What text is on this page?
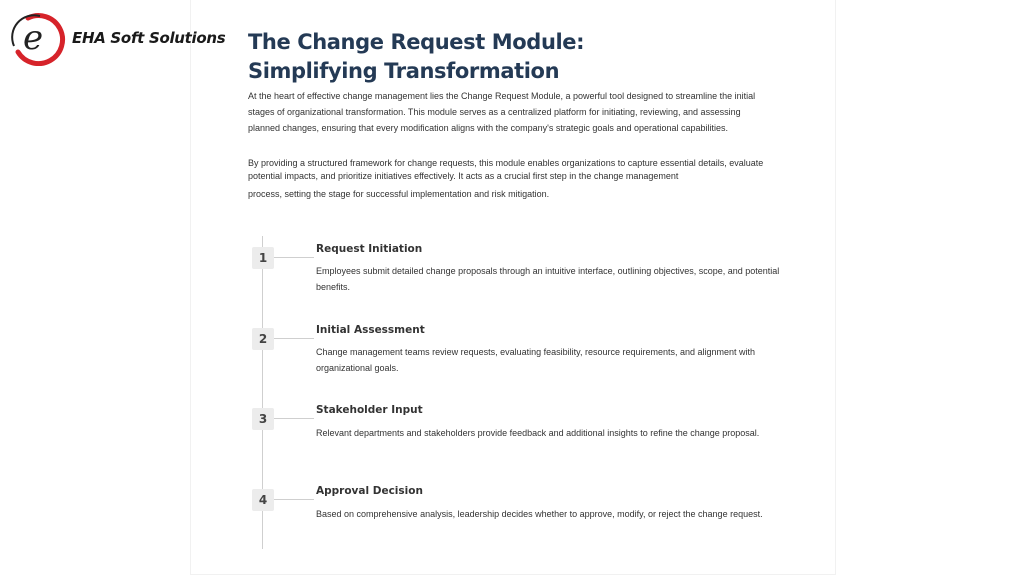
e EHA Soft Solutions The Change Request Module: Simplifying Transformation

At the heart of effective change management lies the Change Request Module, a powerful tool designed to streamline the initial stages of organizational transformation. This module serves as a centralized platform for initiating, reviewing, and assessing planned changes, ensuring that every modification aligns with the company's strategic goals and operational capabilities.

By providing a structured framework for change requests, this module enables organizations to capture essential details, evaluate potential impacts, and prioritize initiatives effectively. It acts as a crucial first step in the change management

process, setting the stage for successful implementation and risk mitigation.

1
Request Initiation
Employees submit detailed change proposals through an intuitive interface, outlining objectives, scope, and potential benefits.
2
Initial Assessment
Change management teams review requests, evaluating feasibility, resource requirements, and alignment with organizational goals.
3
Stakeholder Input
Relevant departments and stakeholders provide feedback and additional insights to refine the change proposal.
4
Approval Decision
Based on comprehensive analysis, leadership decides whether to approve, modify, or reject the change request.
